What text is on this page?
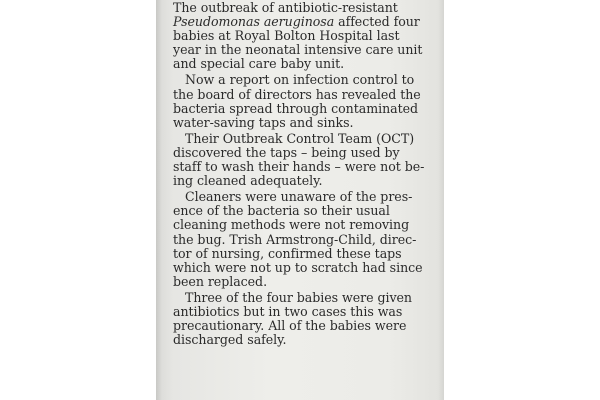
The outbreak of antibiotic-resistant
Pseudomonas aeruginosa affected four
babies at Royal Bolton Hospital last
year in the neonatal intensive care unit
and special care baby unit.
Now a report on infection control to
the board of directors has revealed the
bacteria spread through contaminated
water-saving taps and sinks.
Their Outbreak Control Team (OCT)
discovered the taps – being used by
staff to wash their hands – were not be-
ing cleaned adequately.
Cleaners were unaware of the pres-
ence of the bacteria so their usual
cleaning methods were not removing
the bug. Trish Armstrong-Child, direc-
tor of nursing, confirmed these taps
which were not up to scratch had since
been replaced.
Three of the four babies were given
antibiotics but in two cases this was
precautionary. All of the babies were
discharged safely.
